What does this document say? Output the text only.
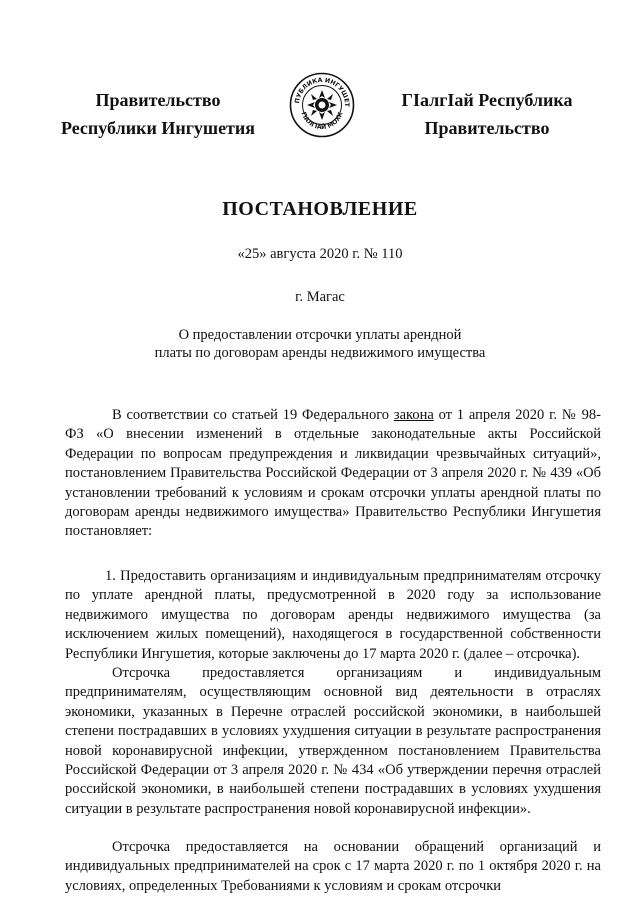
Правительство
Республики Ингушетия
ПУБЛИКА ИНГУШЕТ
ГIАЛГIАЙ МОХК
ГIалгIай Республика
Правительство
ПОСТАНОВЛЕНИЕ
«25» августа 2020 г. № 110
г. Магас
О предоставлении отсрочки уплаты арендной
платы по договорам аренды недвижимого имущества

В соответствии со статьей 19 Федерального закона от 1 апреля 2020 г. № 98-ФЗ «О внесении изменений в отдельные законодательные акты Российской Федерации по вопросам предупреждения и ликвидации чрезвычайных ситуаций», постановлением Правительства Российской Федерации от 3 апреля 2020 г. № 439 «Об установлении требований к условиям и срокам отсрочки уплаты арендной платы по договорам аренды недвижимого имущества» Правительство Республики Ингушетия постановляет:

1. Предоставить организациям и индивидуальным предпринимателям отсрочку по уплате арендной платы, предусмотренной в 2020 году за использование недвижимого имущества по договорам аренды недвижимого имущества (за исключением жилых помещений), находящегося в государственной собственности Республики Ингушетия, которые заключены до 17 марта 2020 г. (далее – отсрочка).

Отсрочка предоставляется организациям и индивидуальным предпринимателям, осуществляющим основной вид деятельности в отраслях экономики, указанных в Перечне отраслей российской экономики, в наибольшей степени пострадавших в условиях ухудшения ситуации в результате распространения новой коронавирусной инфекции, утвержденном постановлением Правительства Российской Федерации от 3 апреля 2020 г. № 434 «Об утверждении перечня отраслей российской экономики, в наибольшей степени пострадавших в условиях ухудшения ситуации в результате распространения новой коронавирусной инфекции».

Отсрочка предоставляется на основании обращений организаций и индивидуальных предпринимателей на срок с 17 марта 2020 г. по 1 октября 2020 г. на условиях, определенных Требованиями к условиям и срокам отсрочки
